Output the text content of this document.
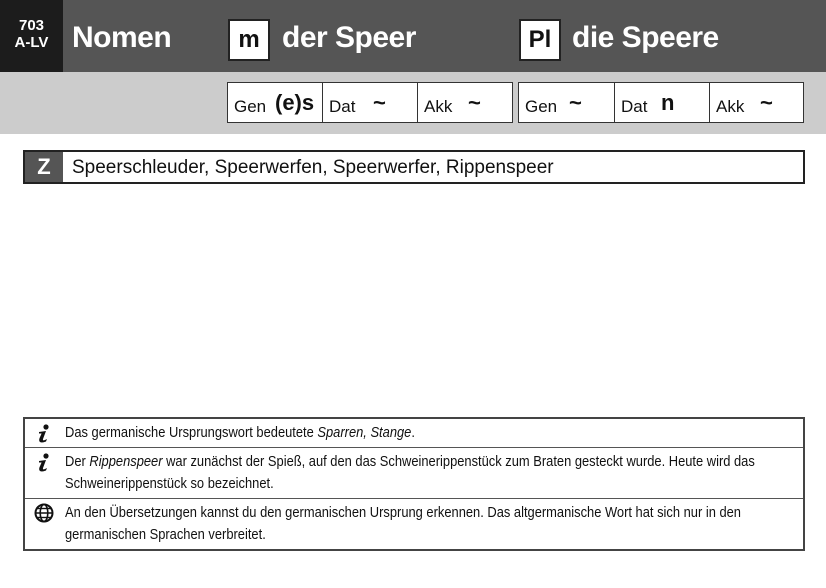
703
A-LV Nomen	m der Speer	Pl die Speere
Gen (e)s Dat ~ Akk ~	Gen ~ Dat n Akk ~
Z	Speerschleuder, Speerwerfen, Speerwerfer, Rippenspeer
Das germanische Ursprungswort bedeutete Sparren, Stange.
Der Rippenspeer war zunächst der Spieß, auf den das Schweinerippenstück zum Braten gesteckt wurde. Heute wird das Schweinerippenstück so bezeichnet.
An den Übersetzungen kannst du den germanischen Ursprung erkennen. Das altgermanische Wort hat sich nur in den germanischen Sprachen verbreitet.
